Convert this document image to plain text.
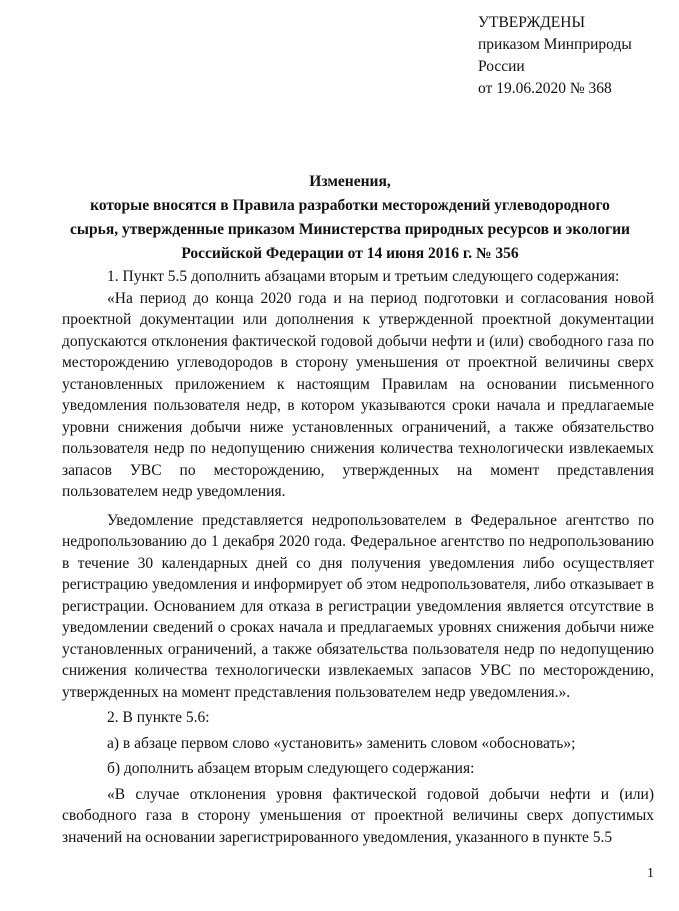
УТВЕРЖДЕНЫ
приказом Минприроды
России
от 19.06.2020 № 368
Изменения,
которые вносятся в Правила разработки месторождений углеводородного
сырья, утвержденные приказом Министерства природных ресурсов и экологии
Российской Федерации от 14 июня 2016 г. № 356

1. Пункт 5.5 дополнить абзацами вторым и третьим следующего содержания:

«На период до конца 2020 года и на период подготовки и согласования новой проектной документации или дополнения к утвержденной проектной документации допускаются отклонения фактической годовой добычи нефти и (или) свободного газа по месторождению углеводородов в сторону уменьшения от проектной величины сверх установленных приложением к настоящим Правилам на основании письменного уведомления пользователя недр, в котором указываются сроки начала и предлагаемые уровни снижения добычи ниже установленных ограничений, а также обязательство пользователя недр по недопущению снижения количества технологически извлекаемых запасов УВС по месторождению, утвержденных на момент представления пользователем недр уведомления.

Уведомление представляется недропользователем в Федеральное агентство по недропользованию до 1 декабря 2020 года. Федеральное агентство по недропользованию в течение 30 календарных дней со дня получения уведомления либо осуществляет регистрацию уведомления и информирует об этом недропользователя, либо отказывает в регистрации. Основанием для отказа в регистрации уведомления является отсутствие в уведомлении сведений о сроках начала и предлагаемых уровнях снижения добычи ниже установленных ограничений, а также обязательства пользователя недр по недопущению снижения количества технологически извлекаемых запасов УВС по месторождению, утвержденных на момент представления пользователем недр уведомления.».

2. В пункте 5.6:

а) в абзаце первом слово «установить» заменить словом «обосновать»;

б) дополнить абзацем вторым следующего содержания:

«В случае отклонения уровня фактической годовой добычи нефти и (или) свободного газа в сторону уменьшения от проектной величины сверх допустимых значений на основании зарегистрированного уведомления, указанного в пункте 5.5

1
